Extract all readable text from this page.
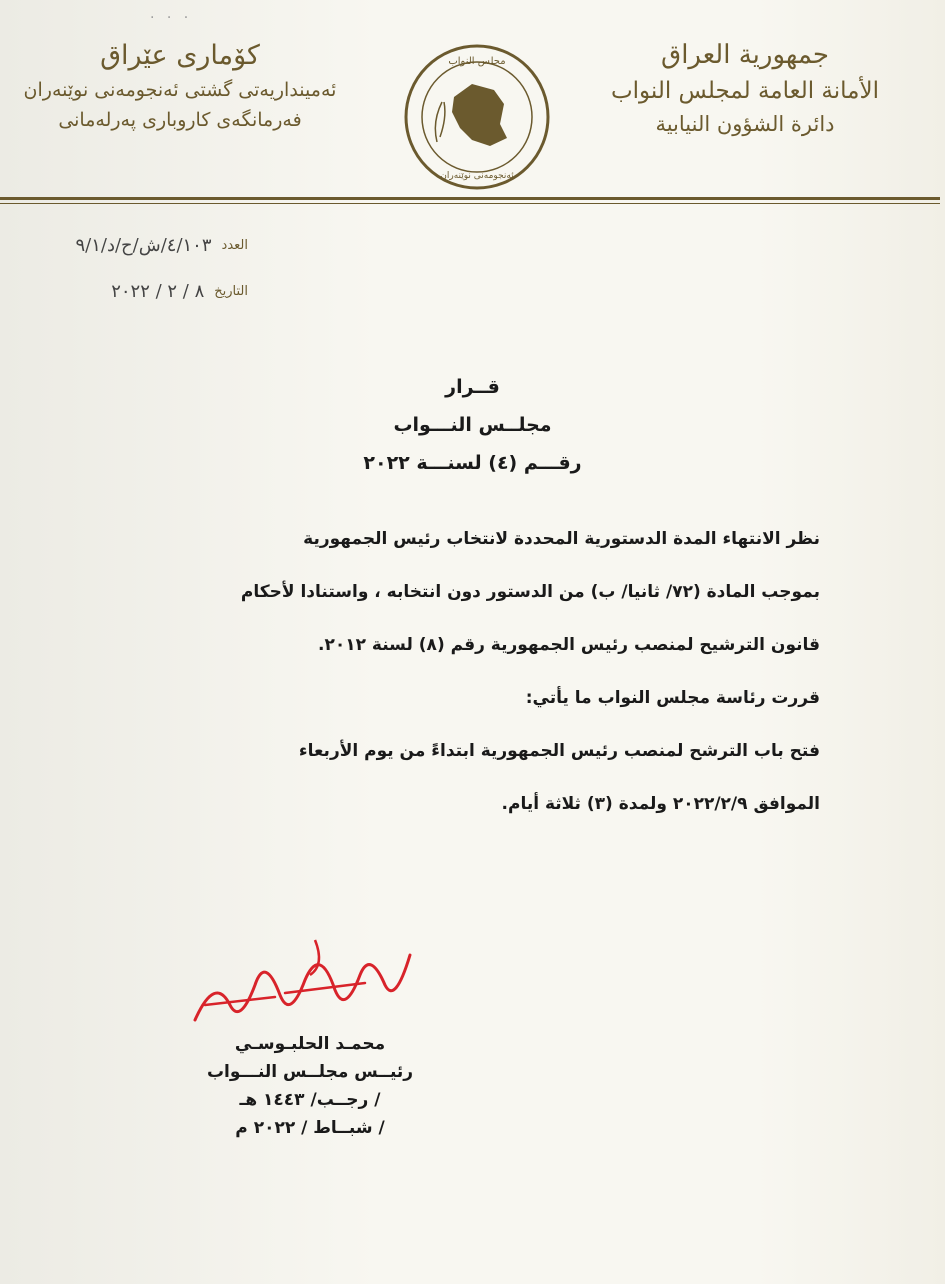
. . .
جمهورية العراق
الأمانة العامة لمجلس النواب
دائرة الشؤون النيابية
مجلس النواب
ئەنجومەنی نوێنەران
کۆماری عێراق
ئەمینداریەتی گشتی ئەنجومەنی نوێنەران
فەرمانگەی کاروباری پەرلەمانی
العدد
٤/١٠٣/ش/ح/د/٩/١
التاريخ
٨ / ٢ / ٢٠٢٢
قــرار
مجلــس النـــواب
رقـــم (٤) لسنـــة ٢٠٢٢
نظر الانتهاء المدة الدستورية المحددة لانتخاب رئيس الجمهورية
بموجب المادة (٧٢/ ثانيا/ ب) من الدستور دون انتخابه ، واستنادا لأحكام
قانون الترشيح لمنصب رئيس الجمهورية رقم (٨) لسنة ٢٠١٢.
قررت رئاسة مجلس النواب ما يأتي:
فتح باب الترشح لمنصب رئيس الجمهورية ابتداءً من يوم الأربعاء
الموافق ٢٠٢٢/٢/٩ ولمدة (٣) ثلاثة أيام.
محمـد الحلبـوسـي
رئيــس مجلــس النـــواب
/ رجــب/ ١٤٤٣ هـ
/ شبــاط / ٢٠٢٢ م
